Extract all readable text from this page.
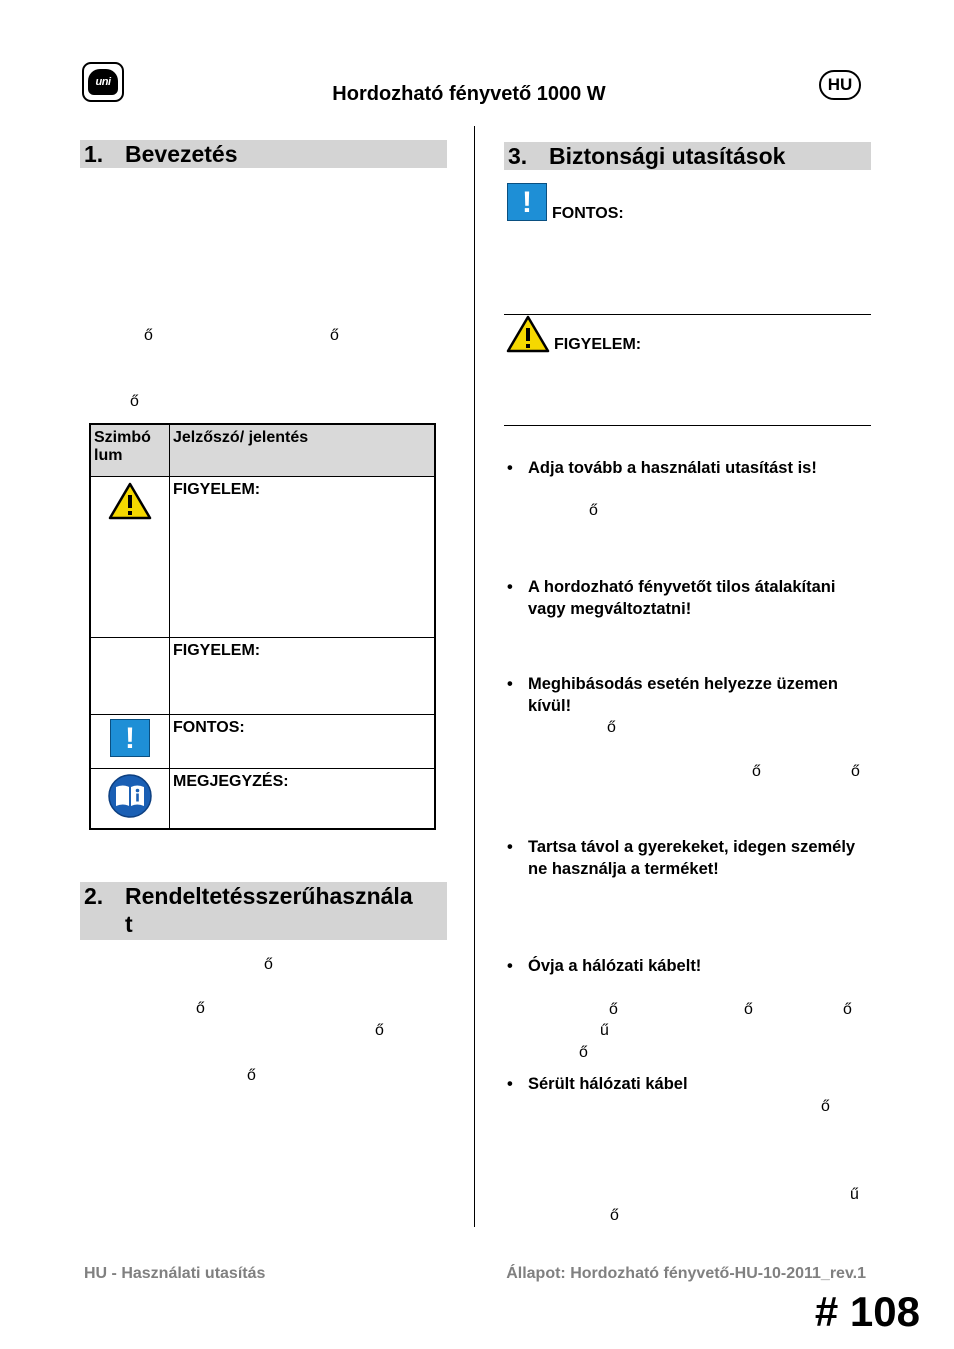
uni
Hordozható fényvető 1000 W	HU
1. Bevezetés
ő	ő
ő
Szimbó lum	Jelzőszó/ jelentés
	FIGYELEM:
	FIGYELEM:

!	FONTOS:
	MEGJEGYZÉS:
2. Rendeltetésszerűhasznála
t
ő
ő
ő
ő
3. Biztonsági utasítások
!	FONTOS:
FIGYELEM:
• Adja tovább a használati utasítást is!
ő
• A hordozható fényvetőt tilos átalakítani vagy megváltoztatni!
• Meghibásodás esetén helyezze üzemen kívül!
ő
ő	ő
• Tartsa távol a gyerekeket, idegen személy ne használja a terméket!
• Óvja a hálózati kábelt!
ő	ő	ő
ű
ő
• Sérült hálózati kábel
ő
ű
ő
HU - Használati utasítás	Állapot: Hordozható fényvető-HU-10-2011_rev.1
# 108
